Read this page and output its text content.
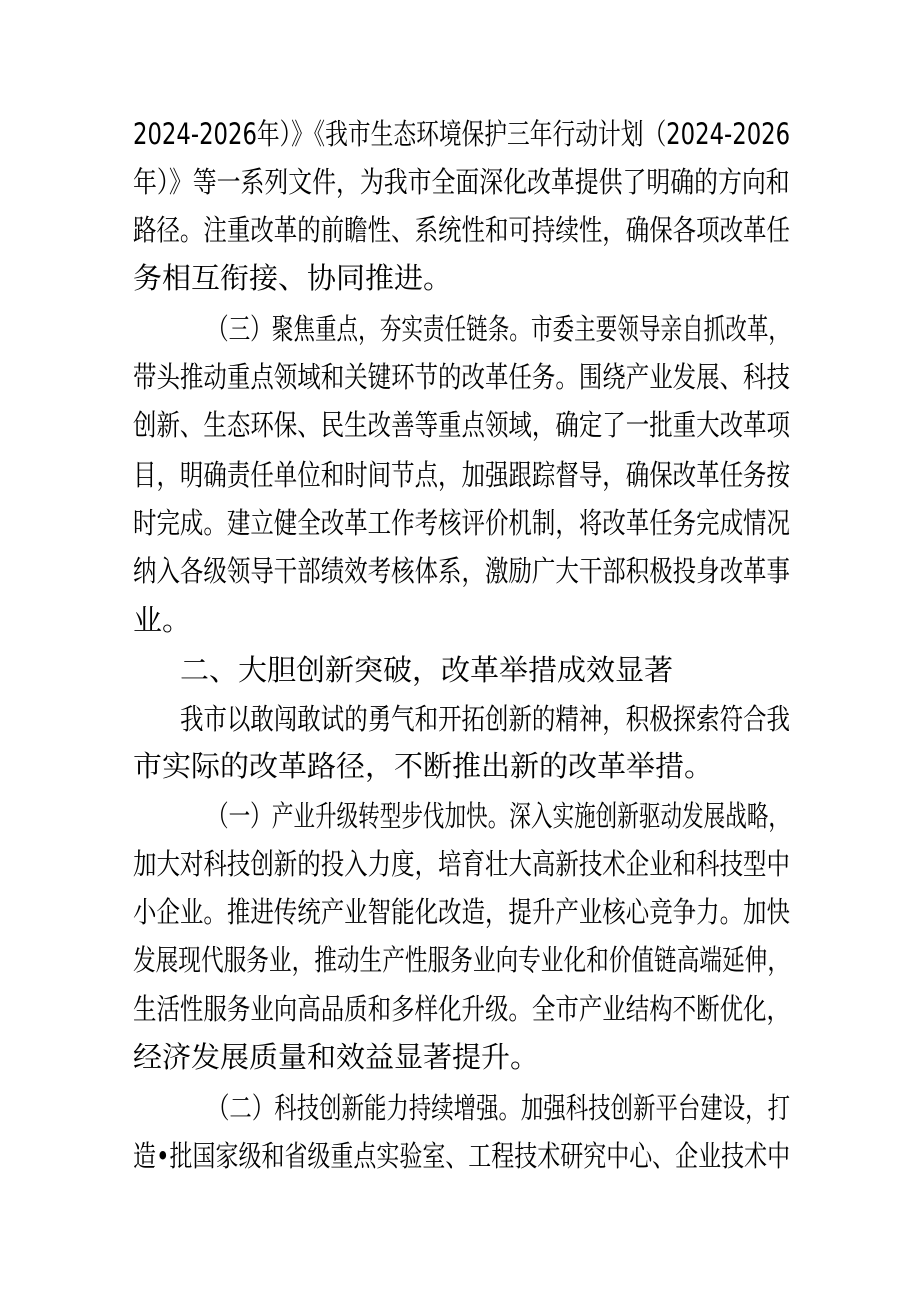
2024-2026年）》《我市生态环境保护三年行动计划（2024-2026
年）》等一系列文件，为我市全面深化改革提供了明确的方向和
路径。注重改革的前瞻性、系统性和可持续性，确保各项改革任
务相互衔接、协同推进。
（三）聚焦重点，夯实责任链条。市委主要领导亲自抓改革，
带头推动重点领域和关键环节的改革任务。围绕产业发展、科技
创新、生态环保、民生改善等重点领域，确定了一批重大改革项
目，明确责任单位和时间节点，加强跟踪督导，确保改革任务按
时完成。建立健全改革工作考核评价机制，将改革任务完成情况
纳入各级领导干部绩效考核体系，激励广大干部积极投身改革事
业。
二、大胆创新突破，改革举措成效显著
我市以敢闯敢试的勇气和开拓创新的精神，积极探索符合我
市实际的改革路径，不断推出新的改革举措。
（一）产业升级转型步伐加快。深入实施创新驱动发展战略，
加大对科技创新的投入力度，培育壮大高新技术企业和科技型中
小企业。推进传统产业智能化改造，提升产业核心竞争力。加快
发展现代服务业，推动生产性服务业向专业化和价值链高端延伸，
生活性服务业向高品质和多样化升级。全市产业结构不断优化，
经济发展质量和效益显著提升。
（二）科技创新能力持续增强。加强科技创新平台建设，打
造•批国家级和省级重点实验室、工程技术研究中心、企业技术中
